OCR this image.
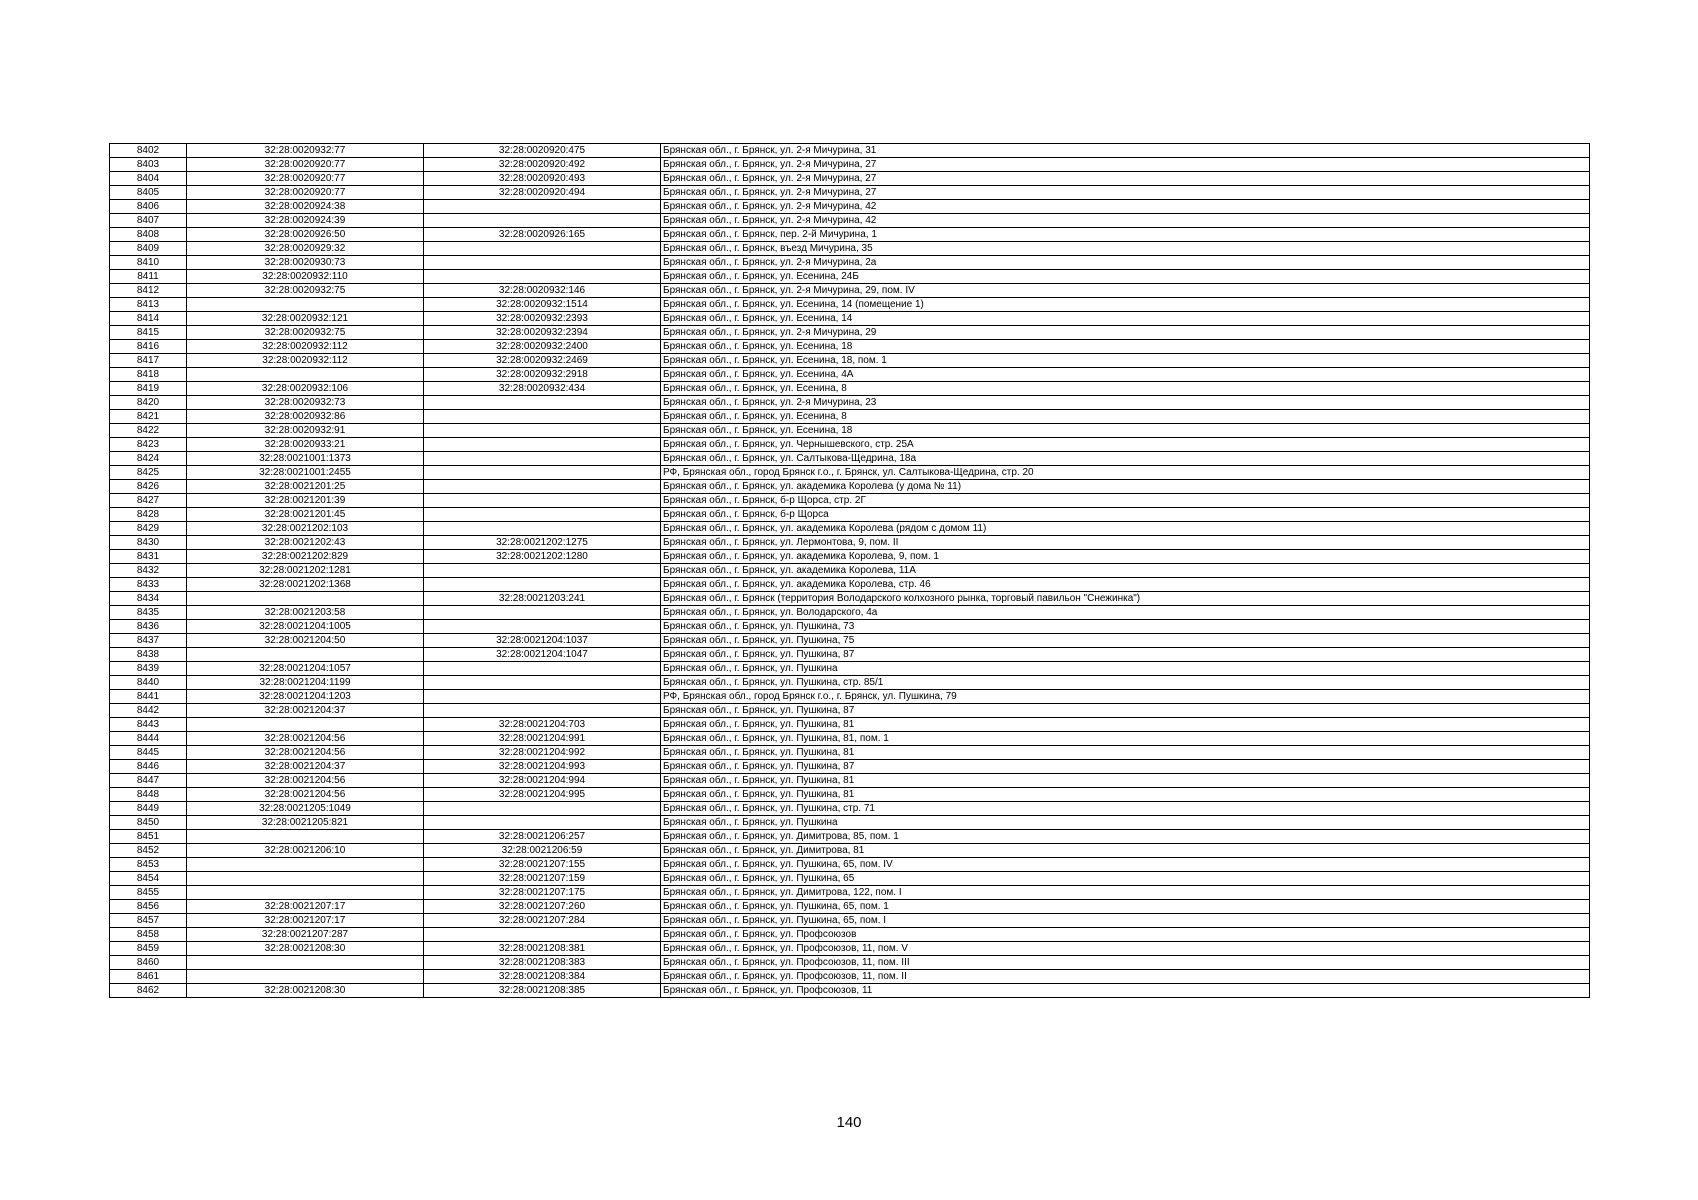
8402	32:28:0020932:77	32:28:0020920:475	Брянская обл., г. Брянск, ул. 2-я Мичурина, 31
8403	32:28:0020920:77	32:28:0020920:492	Брянская обл., г. Брянск, ул. 2-я Мичурина, 27
8404	32:28:0020920:77	32:28:0020920:493	Брянская обл., г. Брянск, ул. 2-я Мичурина, 27
8405	32:28:0020920:77	32:28:0020920:494	Брянская обл., г. Брянск, ул. 2-я Мичурина, 27
8406	32:28:0020924:38		Брянская обл., г. Брянск, ул. 2-я Мичурина, 42
8407	32:28:0020924:39		Брянская обл., г. Брянск, ул. 2-я Мичурина, 42
8408	32:28:0020926:50	32:28:0020926:165	Брянская обл., г. Брянск, пер. 2-й Мичурина, 1
8409	32:28:0020929:32		Брянская обл., г. Брянск, въезд Мичурина, 35
8410	32:28:0020930:73		Брянская обл., г. Брянск, ул. 2-я Мичурина, 2а
8411	32:28:0020932:110		Брянская обл., г. Брянск, ул. Есенина, 24Б
8412	32:28:0020932:75	32:28:0020932:146	Брянская обл., г. Брянск, ул. 2-я Мичурина, 29, пом. IV
8413		32:28:0020932:1514	Брянская обл., г. Брянск, ул. Есенина, 14 (помещение 1)
8414	32:28:0020932:121	32:28:0020932:2393	Брянская обл., г. Брянск, ул. Есенина, 14
8415	32:28:0020932:75	32:28:0020932:2394	Брянская обл., г. Брянск, ул. 2-я Мичурина, 29
8416	32:28:0020932:112	32:28:0020932:2400	Брянская обл., г. Брянск, ул. Есенина, 18
8417	32:28:0020932:112	32:28:0020932:2469	Брянская обл., г. Брянск, ул. Есенина, 18, пом. 1
8418		32:28:0020932:2918	Брянская обл., г. Брянск, ул. Есенина, 4А
8419	32:28:0020932:106	32:28:0020932:434	Брянская обл., г. Брянск, ул. Есенина, 8
8420	32:28:0020932:73		Брянская обл., г. Брянск, ул. 2-я Мичурина, 23
8421	32:28:0020932:86		Брянская обл., г. Брянск, ул. Есенина, 8
8422	32:28:0020932:91		Брянская обл., г. Брянск, ул. Есенина, 18
8423	32:28:0020933:21		Брянская обл., г. Брянск, ул. Чернышевского, стр. 25А
8424	32:28:0021001:1373		Брянская обл., г. Брянск, ул. Салтыкова-Щедрина, 18а
8425	32:28:0021001:2455		РФ, Брянская обл., город Брянск г.о., г. Брянск, ул. Салтыкова-Щедрина, стр. 20
8426	32:28:0021201:25		Брянская обл., г. Брянск, ул. академика Королева (у дома № 11)
8427	32:28:0021201:39		Брянская обл., г. Брянск, б-р Щорса, стр. 2Г
8428	32:28:0021201:45		Брянская обл., г. Брянск, б-р Щорса
8429	32:28:0021202:103		Брянская обл., г. Брянск, ул. академика Королева (рядом с домом 11)
8430	32:28:0021202:43	32:28:0021202:1275	Брянская обл., г. Брянск, ул. Лермонтова, 9, пом. II
8431	32:28:0021202:829	32:28:0021202:1280	Брянская обл., г. Брянск, ул. академика Королева, 9, пом. 1
8432	32:28:0021202:1281		Брянская обл., г. Брянск, ул. академика Королева, 11А
8433	32:28:0021202:1368		Брянская обл., г. Брянск, ул. академика Королева, стр. 46
8434		32:28:0021203:241	Брянская обл., г. Брянск (территория Володарского колхозного рынка, торговый павильон "Снежинка")
8435	32:28:0021203:58		Брянская обл., г. Брянск, ул. Володарского, 4а
8436	32:28:0021204:1005		Брянская обл., г. Брянск, ул. Пушкина, 73
8437	32:28:0021204:50	32:28:0021204:1037	Брянская обл., г. Брянск, ул. Пушкина, 75
8438		32:28:0021204:1047	Брянская обл., г. Брянск, ул. Пушкина, 87
8439	32:28:0021204:1057		Брянская обл., г. Брянск, ул. Пушкина
8440	32:28:0021204:1199		Брянская обл., г. Брянск, ул. Пушкина, стр. 85/1
8441	32:28:0021204:1203		РФ, Брянская обл., город Брянск г.о., г. Брянск, ул. Пушкина, 79
8442	32:28:0021204:37		Брянская обл., г. Брянск, ул. Пушкина, 87
8443		32:28:0021204:703	Брянская обл., г. Брянск, ул. Пушкина, 81
8444	32:28:0021204:56	32:28:0021204:991	Брянская обл., г. Брянск, ул. Пушкина, 81, пом. 1
8445	32:28:0021204:56	32:28:0021204:992	Брянская обл., г. Брянск, ул. Пушкина, 81
8446	32:28:0021204:37	32:28:0021204:993	Брянская обл., г. Брянск, ул. Пушкина, 87
8447	32:28:0021204:56	32:28:0021204:994	Брянская обл., г. Брянск, ул. Пушкина, 81
8448	32:28:0021204:56	32:28:0021204:995	Брянская обл., г. Брянск, ул. Пушкина, 81
8449	32:28:0021205:1049		Брянская обл., г. Брянск, ул. Пушкина, стр. 71
8450	32:28:0021205:821		Брянская обл., г. Брянск, ул. Пушкина
8451		32:28:0021206:257	Брянская обл., г. Брянск, ул. Димитрова, 85, пом. 1
8452	32:28:0021206:10	32:28:0021206:59	Брянская обл., г. Брянск, ул. Димитрова, 81
8453		32:28:0021207:155	Брянская обл., г. Брянск, ул. Пушкина, 65, пом. IV
8454		32:28:0021207:159	Брянская обл., г. Брянск, ул. Пушкина, 65
8455		32:28:0021207:175	Брянская обл., г. Брянск, ул. Димитрова, 122, пом. I
8456	32:28:0021207:17	32:28:0021207:260	Брянская обл., г. Брянск, ул. Пушкина, 65, пом. 1
8457	32:28:0021207:17	32:28:0021207:284	Брянская обл., г. Брянск, ул. Пушкина, 65, пом. I
8458	32:28:0021207:287		Брянская обл., г. Брянск, ул. Профсоюзов
8459	32:28:0021208:30	32:28:0021208:381	Брянская обл., г. Брянск, ул. Профсоюзов, 11, пом. V
8460		32:28:0021208:383	Брянская обл., г. Брянск, ул. Профсоюзов, 11, пом. III
8461		32:28:0021208:384	Брянская обл., г. Брянск, ул. Профсоюзов, 11, пом. II
8462	32:28:0021208:30	32:28:0021208:385	Брянская обл., г. Брянск, ул. Профсоюзов, 11
140
